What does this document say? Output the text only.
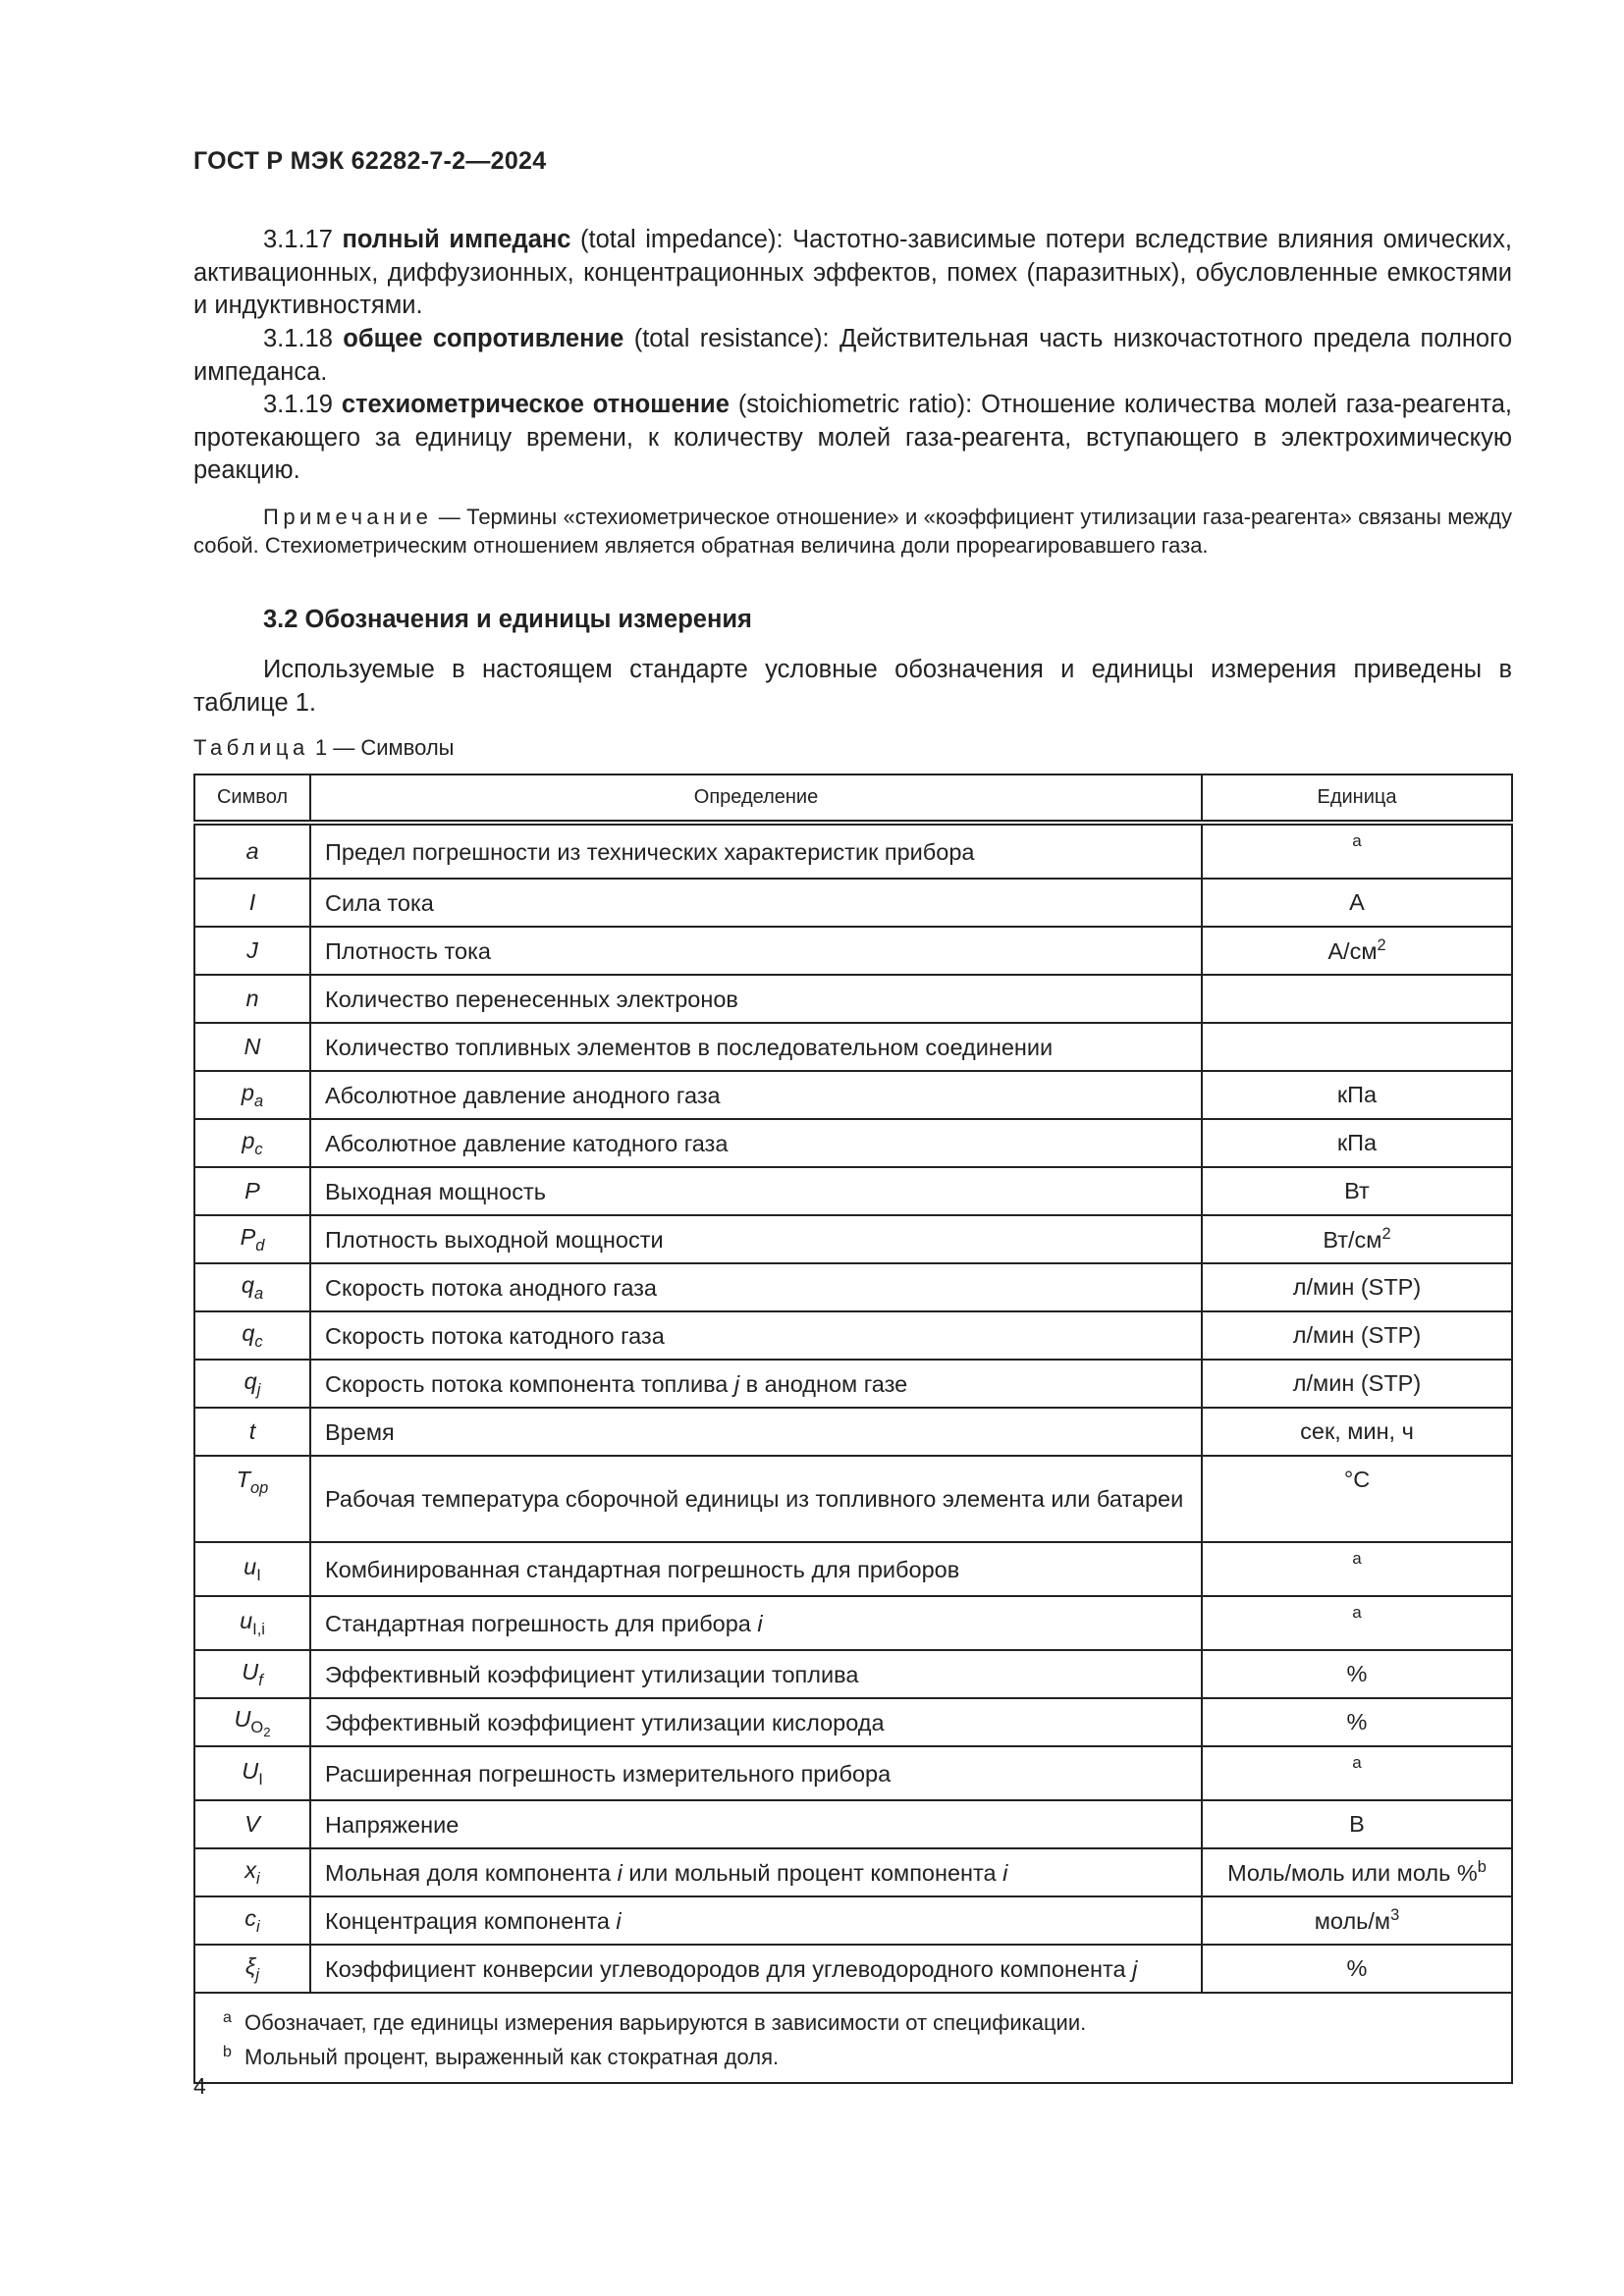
ГОСТ Р МЭК 62282-7-2—2024
3.1.17 полный импеданс (total impedance): Частотно-зависимые потери вследствие влияния омических, активационных, диффузионных, концентрационных эффектов, помех (паразитных), обусловленные емкостями и индуктивностями.
3.1.18 общее сопротивление (total resistance): Действительная часть низкочастотного предела полного импеданса.
3.1.19 стехиометрическое отношение (stoichiometric ratio): Отношение количества молей газа-реагента, протекающего за единицу времени, к количеству молей газа-реагента, вступающего в электрохимическую реакцию.
Примечание — Термины «стехиометрическое отношение» и «коэффициент утилизации газа-реагента» связаны между собой. Стехиометрическим отношением является обратная величина доли прореагировавшего газа.
3.2 Обозначения и единицы измерения
Используемые в настоящем стандарте условные обозначения и единицы измерения приведены в таблице 1.
Таблица 1 — Символы
Символ	Определение	Единица
a	Предел погрешности из технических характеристик прибора	a
I	Сила тока	A
J	Плотность тока	$А/см^2$
n	Количество перенесенных электронов	
N	Количество топливных элементов в последовательном соединении	
$p_a$	Абсолютное давление анодного газа	кПа
$p_c$	Абсолютное давление катодного газа	кПа
P	Выходная мощность	Вт
$P_d$	Плотность выходной мощности	$Вт/см^2$
$q_a$	Скорость потока анодного газа	л/мин (STP)
$q_c$	Скорость потока катодного газа	л/мин (STP)
$q_j$	Скорость потока компонента топлива j в анодном газе	л/мин (STP)
t	Время	сек, мин, ч
$T_{op}$	Рабочая температура сборочной единицы из топливного элемента или батареи	°C
$u_I$	Комбинированная стандартная погрешность для приборов	a
$u_{I,i}$	Стандартная погрешность для прибора i	a
$U_f$	Эффективный коэффициент утилизации топлива	%
$U_{O_2}$	Эффективный коэффициент утилизации кислорода	%
$U_I$	Расширенная погрешность измерительного прибора	a
V	Напряжение	В
$x_i$	Мольная доля компонента i или мольный процент компонента i	Моль/моль или моль %$^b$
$c_i$	Концентрация компонента i	моль/$м^3$
$\xi_j$	Коэффициент конверсии углеводородов для углеводородного компонента j	%

a Обозначает, где единицы измерения варьируются в зависимости от спецификации.
b Мольный процент, выраженный как стократная доля.		
4
